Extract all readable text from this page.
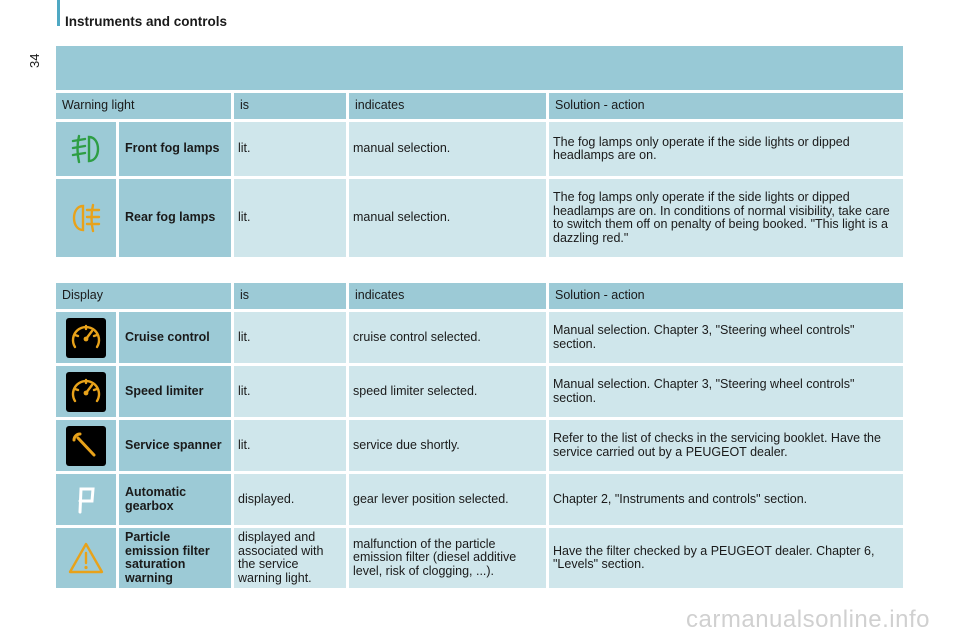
34
Instruments and controls
Warning light		is	indicates	Solution - action

	Front fog lamps	lit.	manual selection.	The fog lamps only operate if the side lights or dipped headlamps are on.

	Rear fog lamps	lit.	manual selection.	The fog lamps only operate if the side lights or dipped headlamps are on. In conditions of normal visibility, take care to switch them off on penalty of being booked. "This light is a dazzling red."
Display		is	indicates	Solution - action

	Cruise control	lit.	cruise control selected.	Manual selection. Chapter 3, "Steering wheel controls" section.

	Speed limiter	lit.	speed limiter selected.	Manual selection. Chapter 3, "Steering wheel controls" section.

	Service spanner	lit.	service due shortly.	Refer to the list of checks in the servicing booklet. Have the service carried out by a PEUGEOT dealer.

	Automatic gearbox	displayed.	gear lever position selected.	Chapter 2, "Instruments and controls" section.

	Particle emission filter saturation warning	displayed and associated with the service warning light.	malfunction of the particle emission filter (diesel additive level, risk of clogging, ...).	Have the filter checked by a PEUGEOT dealer. Chapter 6, "Levels" section.
carmanualsonline.info
